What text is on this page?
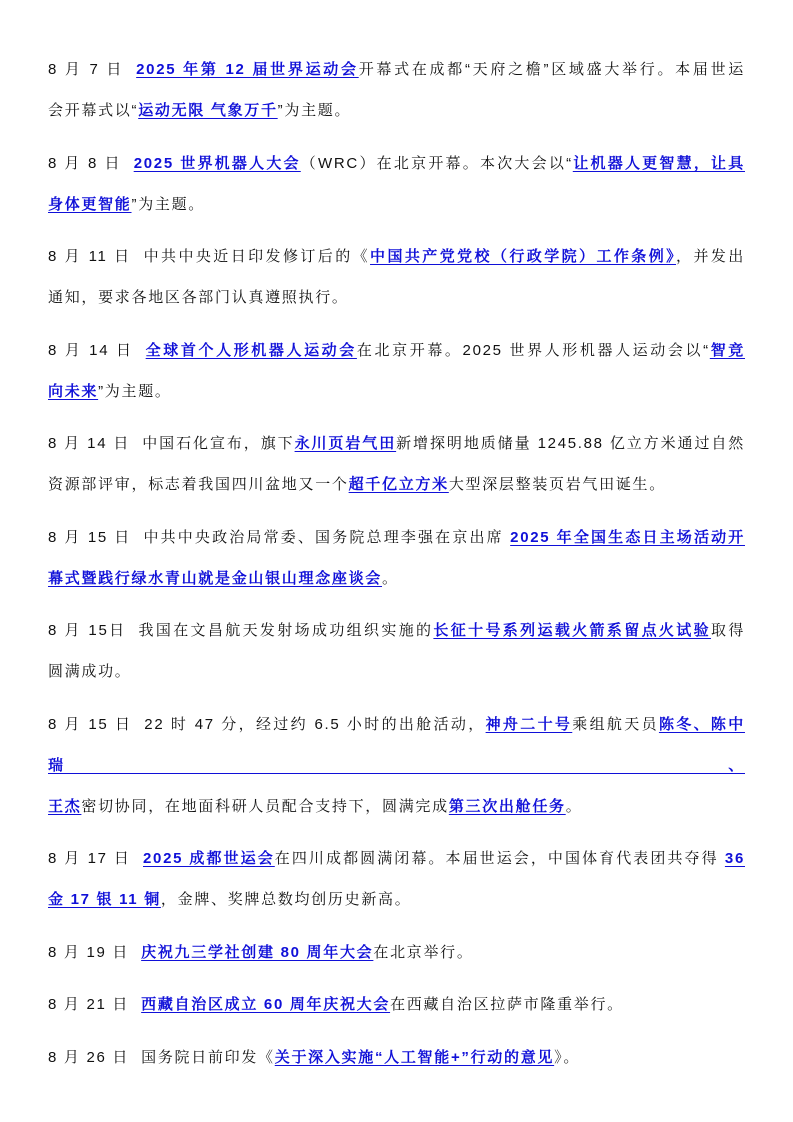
8 月 7 日 2025 年第 12 届世界运动会开幕式在成都“天府之檐”区域盛大举行。本届世运
会开幕式以“运动无限 气象万千”为主题。
8 月 8 日 2025 世界机器人大会（WRC）在北京开幕。本次大会以“让机器人更智慧，让具
身体更智能”为主题。
8 月 11 日 中共中央近日印发修订后的《中国共产党党校（行政学院）工作条例》，并发出
通知，要求各地区各部门认真遵照执行。
8 月 14 日 全球首个人形机器人运动会在北京开幕。2025 世界人形机器人运动会以“智竞
向未来”为主题。
8 月 14 日 中国石化宣布，旗下永川页岩气田新增探明地质储量 1245.88 亿立方米通过自然
资源部评审，标志着我国四川盆地又一个超千亿立方米大型深层整装页岩气田诞生。
8 月 15 日 中共中央政治局常委、国务院总理李强在京出席 2025 年全国生态日主场活动开
幕式暨践行绿水青山就是金山银山理念座谈会。
8 月 15日 我国在文昌航天发射场成功组织实施的长征十号系列运载火箭系留点火试验取得
圆满成功。
8 月 15 日 22 时 47 分，经过约 6.5 小时的出舱活动，神舟二十号乘组航天员陈冬、陈中瑞、
王杰密切协同，在地面科研人员配合支持下，圆满完成第三次出舱任务。
8 月 17 日 2025 成都世运会在四川成都圆满闭幕。本届世运会，中国体育代表团共夺得 36
金 17 银 11 铜，金牌、奖牌总数均创历史新高。
8 月 19 日 庆祝九三学社创建 80 周年大会在北京举行。
8 月 21 日 西藏自治区成立 60 周年庆祝大会在西藏自治区拉萨市隆重举行。
8 月 26 日 国务院日前印发《关于深入实施“人工智能+”行动的意见》。
